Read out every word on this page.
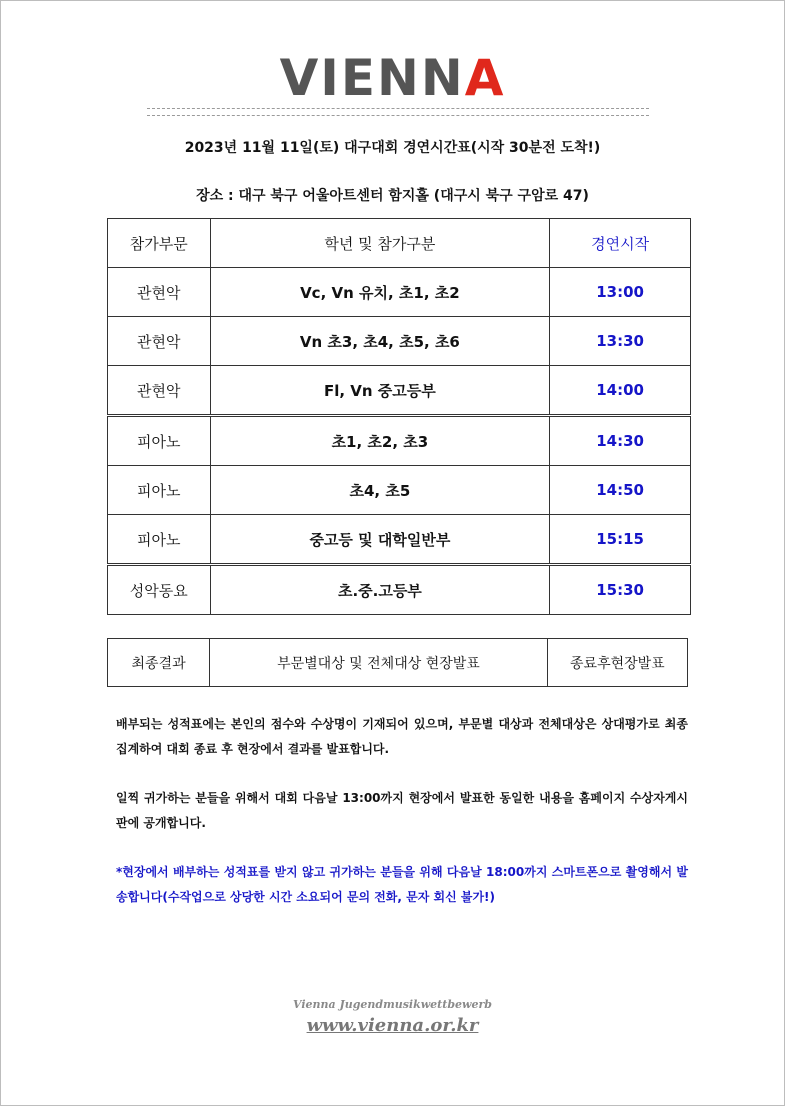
VIENNA
2023년 11월 11일(토) 대구대회 경연시간표(시작 30분전 도착!)
장소 : 대구 북구 어울아트센터 함지홀 (대구시 북구 구암로 47)
참가부문	학년 및 참가구분	경연시작
관현악	Vc, Vn 유치, 초1, 초2	13:00
관현악	Vn 초3, 초4, 초5, 초6	13:30
관현악	Fl, Vn 중고등부	14:00
피아노	초1, 초2, 초3	14:30
피아노	초4, 초5	14:50
피아노	중고등 및 대학일반부	15:15
성악동요	초.중.고등부	15:30
최종결과	부문별대상 및 전체대상 현장발표	종료후현장발표

배부되는 성적표에는 본인의 점수와 수상명이 기재되어 있으며, 부문별 대상과 전체대상은 상대평가로 최종 집계하여 대회 종료 후 현장에서 결과를 발표합니다.

일찍 귀가하는 분들을 위해서 대회 다음날 13:00까지 현장에서 발표한 동일한 내용을 홈페이지 수상자게시판에 공개합니다.

*현장에서 배부하는 성적표를 받지 않고 귀가하는 분들을 위해 다음날 18:00까지 스마트폰으로 촬영해서 발송합니다(수작업으로 상당한 시간 소요되어 문의 전화, 문자 회신 불가!)

Vienna Jugendmusikwettbewerb
www.vienna.or.kr
